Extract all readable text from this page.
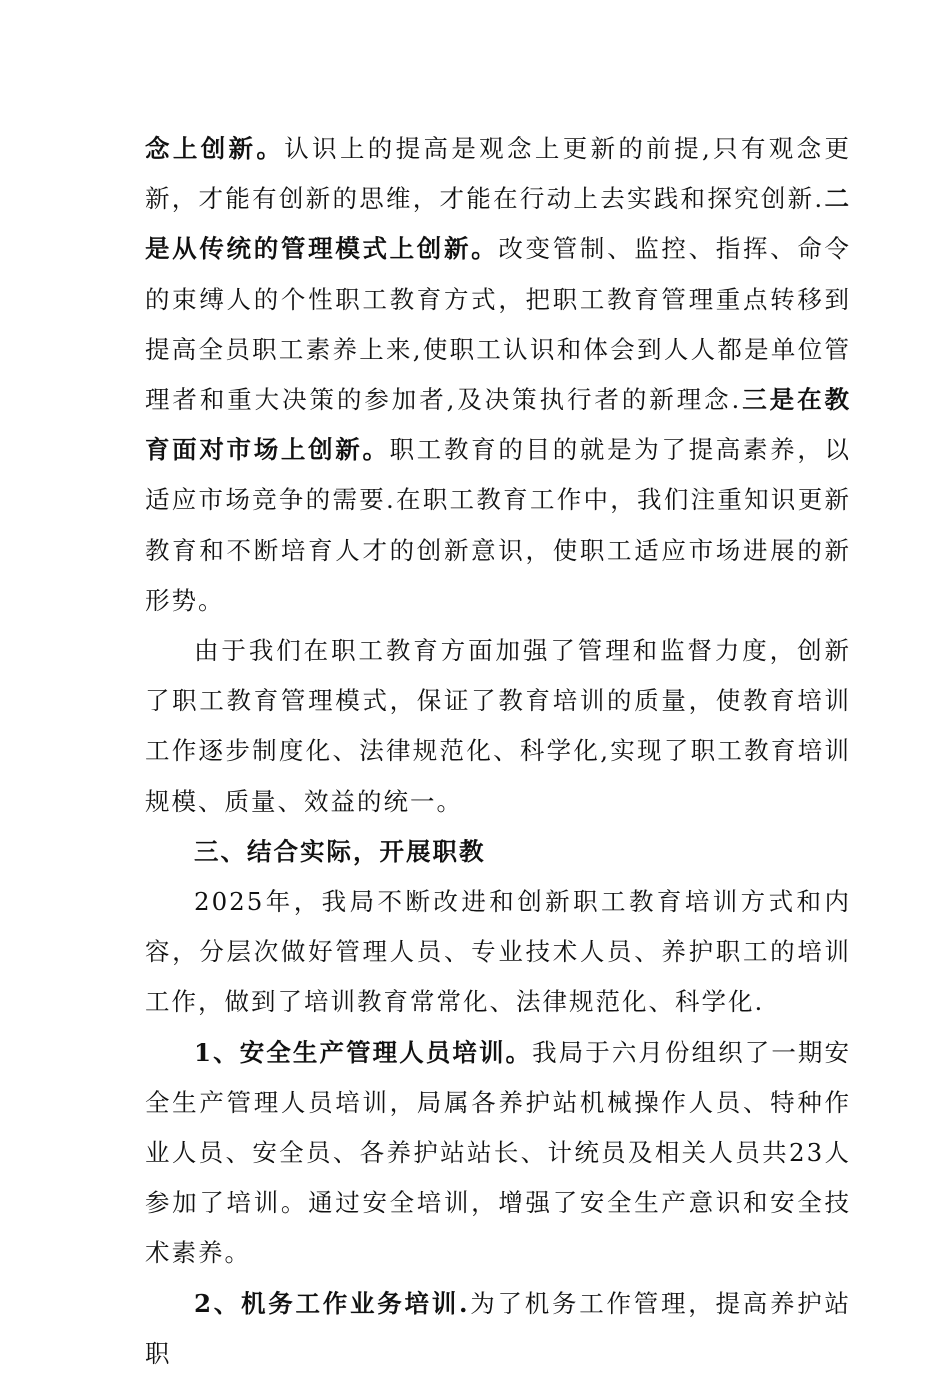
念上创新。认识上的提高是观念上更新的前提,只有观念更新，才能有创新的思维，才能在行动上去实践和探究创新.二是从传统的管理模式上创新。改变管制、监控、指挥、命令的束缚人的个性职工教育方式，把职工教育管理重点转移到提高全员职工素养上来,使职工认识和体会到人人都是单位管理者和重大决策的参加者,及决策执行者的新理念.三是在教育面对市场上创新。职工教育的目的就是为了提高素养，以适应市场竞争的需要.在职工教育工作中，我们注重知识更新教育和不断培育人才的创新意识，使职工适应市场进展的新形势。

由于我们在职工教育方面加强了管理和监督力度，创新了职工教育管理模式，保证了教育培训的质量，使教育培训工作逐步制度化、法律规范化、科学化,实现了职工教育培训规模、质量、效益的统一。

三、结合实际，开展职教

2025年，我局不断改进和创新职工教育培训方式和内容，分层次做好管理人员、专业技术人员、养护职工的培训工作，做到了培训教育常常化、法律规范化、科学化.

1、安全生产管理人员培训。我局于六月份组织了一期安全生产管理人员培训，局属各养护站机械操作人员、特种作业人员、安全员、各养护站站长、计统员及相关人员共23人参加了培训。通过安全培训，增强了安全生产意识和安全技术素养。

2、机务工作业务培训.为了机务工作管理，提高养护站职
